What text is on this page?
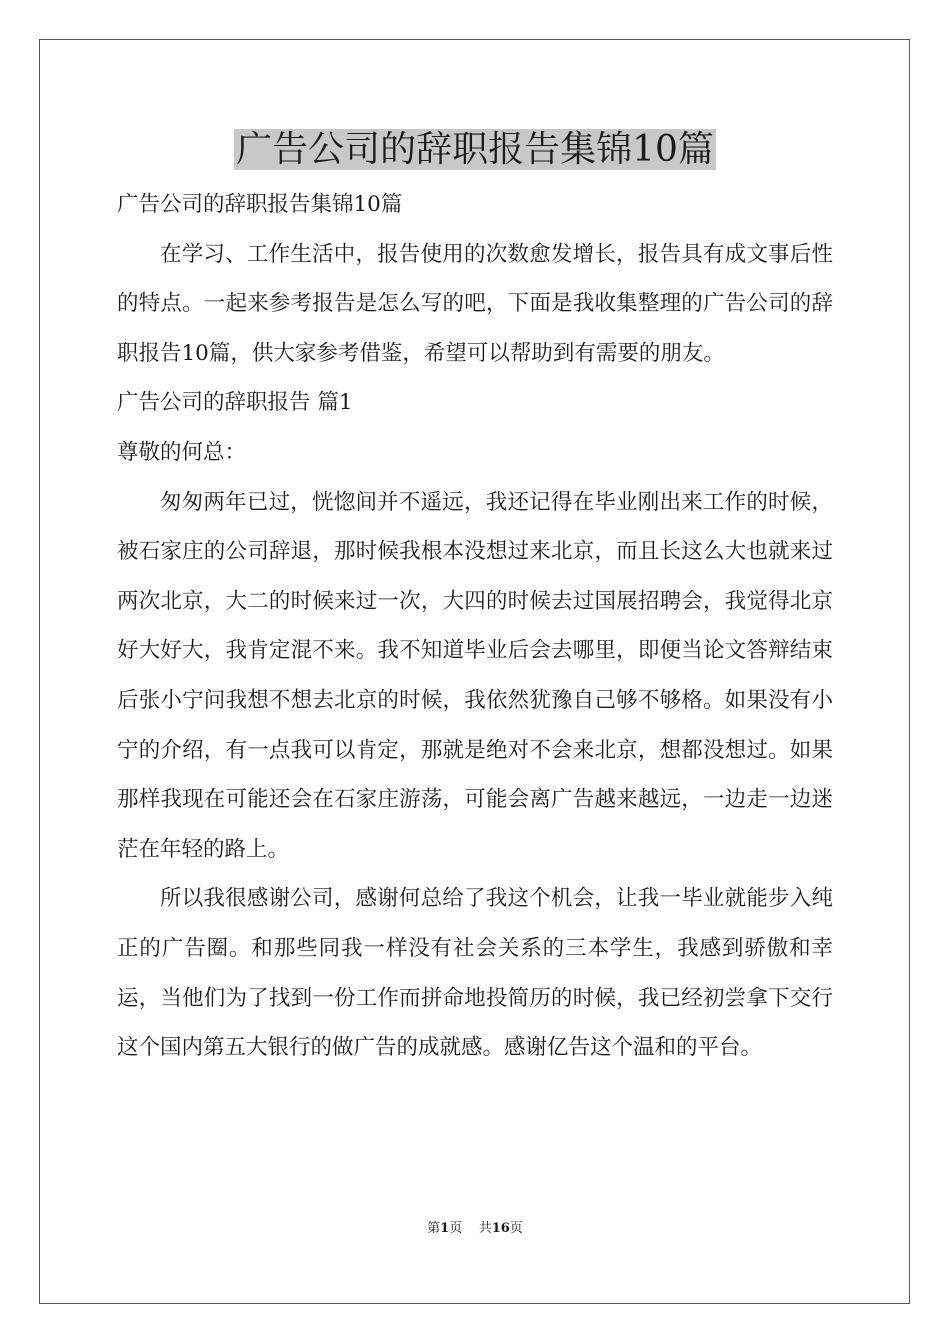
广告公司的辞职报告集锦10篇

广告公司的辞职报告集锦10篇

在学习、工作生活中，报告使用的次数愈发增长，报告具有成文事后性的特点。一起来参考报告是怎么写的吧，下面是我收集整理的广告公司的辞职报告10篇，供大家参考借鉴，希望可以帮助到有需要的朋友。

广告公司的辞职报告 篇1

尊敬的何总：

匆匆两年已过，恍惚间并不遥远，我还记得在毕业刚出来工作的时候，被石家庄的公司辞退，那时候我根本没想过来北京，而且长这么大也就来过两次北京，大二的时候来过一次，大四的时候去过国展招聘会，我觉得北京好大好大，我肯定混不来。我不知道毕业后会去哪里，即便当论文答辩结束后张小宁问我想不想去北京的时候，我依然犹豫自己够不够格。如果没有小宁的介绍，有一点我可以肯定，那就是绝对不会来北京，想都没想过。如果那样我现在可能还会在石家庄游荡，可能会离广告越来越远，一边走一边迷茫在年轻的路上。

所以我很感谢公司，感谢何总给了我这个机会，让我一毕业就能步入纯正的广告圈。和那些同我一样没有社会关系的三本学生，我感到骄傲和幸运，当他们为了找到一份工作而拼命地投简历的时候，我已经初尝拿下交行这个国内第五大银行的做广告的成就感。感谢亿告这个温和的平台。

第1页 共16页
